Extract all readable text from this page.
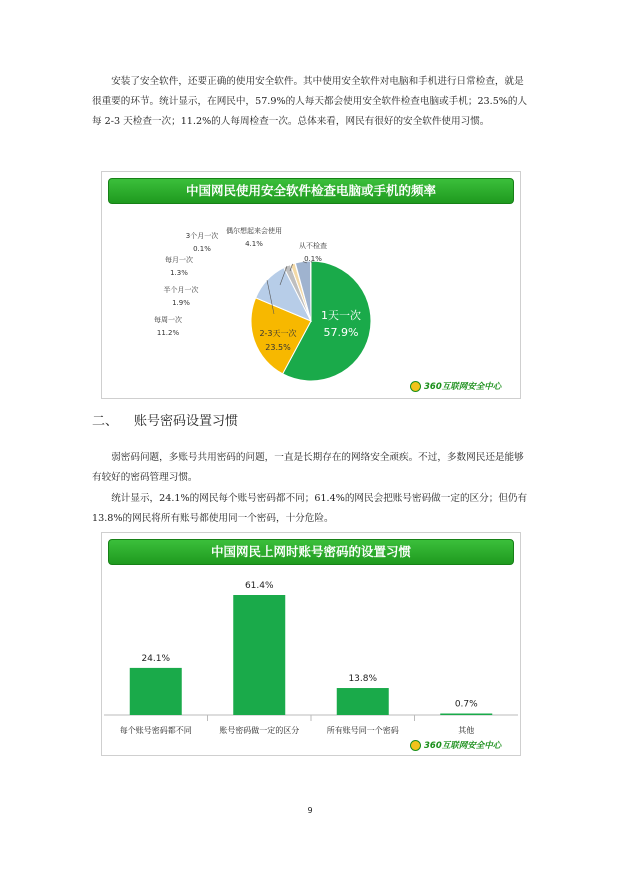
安装了安全软件，还要正确的使用安全软件。其中使用安全软件对电脑和手机进行日常检查，就是很重要的环节。统计显示，在网民中，57.9%的人每天都会使用安全软件检查电脑或手机；23.5%的人每 2-3 天检查一次；11.2%的人每周检查一次。总体来看，网民有很好的安全软件使用习惯。

中国网民使用安全软件检查电脑或手机的频率
1天一次
57.9%
2-3天一次
23.5%
每周一次
11.2%
半个月一次
1.9%
每月一次
1.3%
3个月一次
0.1%
偶尔想起来会使用
4.1%	从不检查
0.1%
360互联网安全中心
二、 账号密码设置习惯

弱密码问题，多账号共用密码的问题，一直是长期存在的网络安全顽疾。不过，多数网民还是能够有较好的密码管理习惯。

统计显示，24.1%的网民每个账号密码都不同；61.4%的网民会把账号密码做一定的区分；但仍有 13.8%的网民将所有账号都使用同一个密码，十分危险。

中国网民上网时账号密码的设置习惯
24.1%
每个账号密码都不同
61.4%
账号密码做一定的区分
13.8%
所有账号同一个密码
0.7%
其他
360互联网安全中心
9
